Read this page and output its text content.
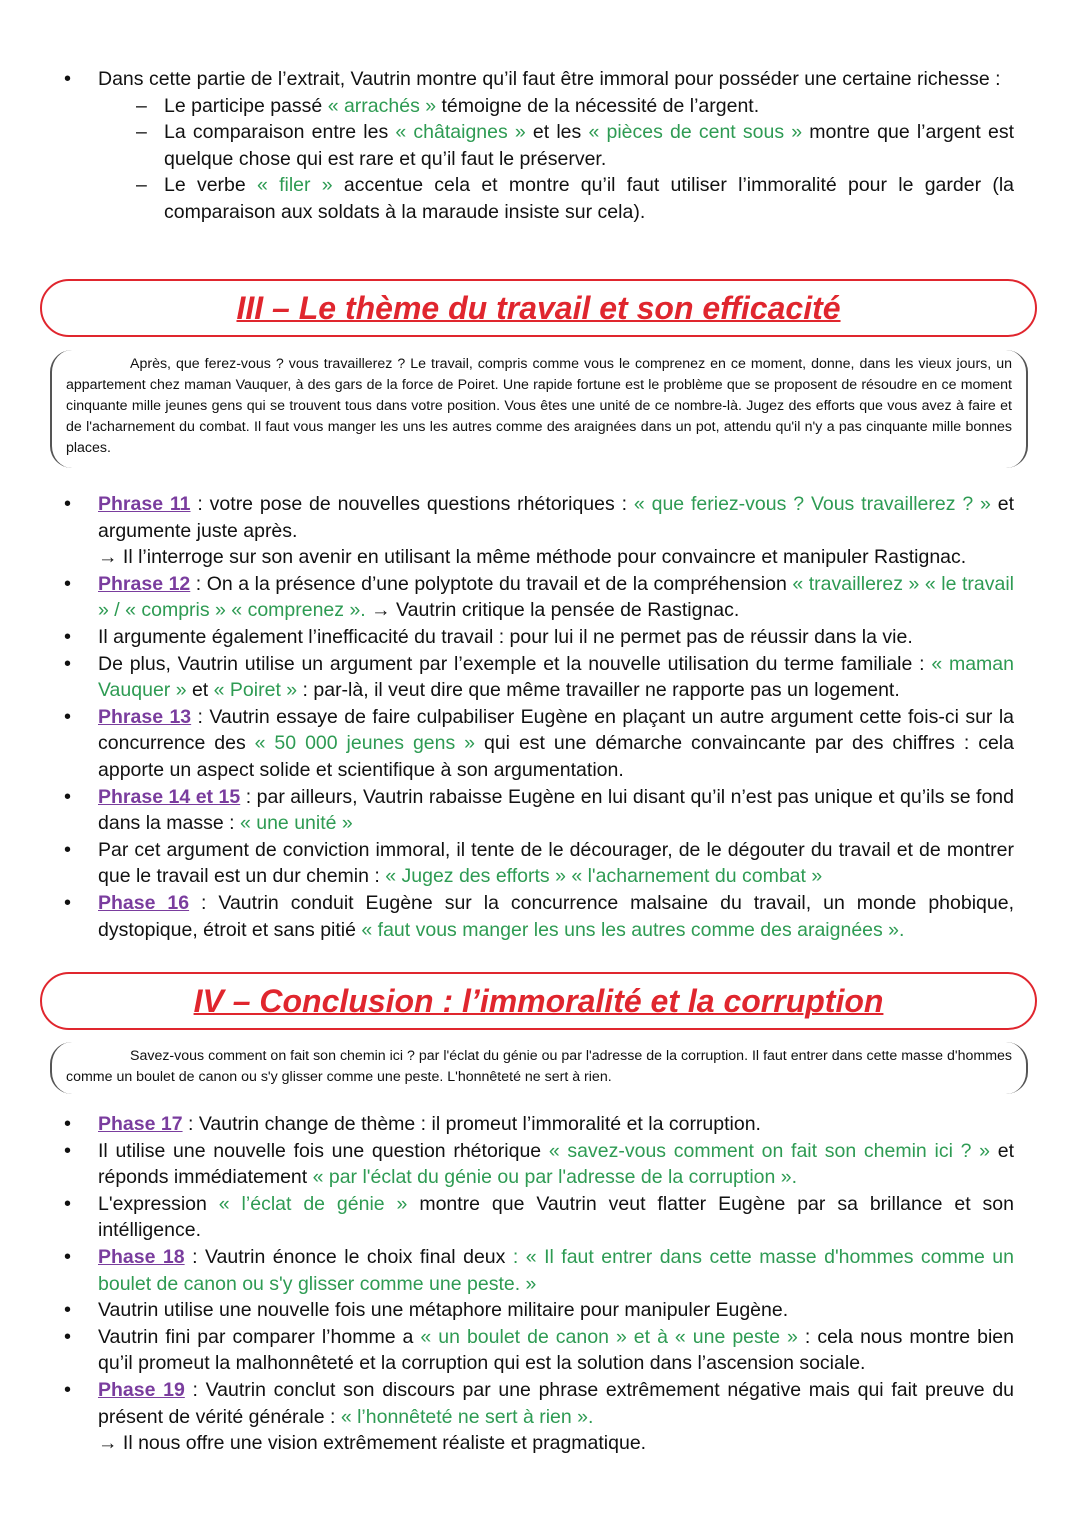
• Dans cette partie de l’extrait, Vautrin montre qu’il faut être immoral pour posséder une certaine richesse :
– Le participe passé « arrachés » témoigne de la nécessité de l’argent.
– La comparaison entre les « châtaignes » et les « pièces de cent sous » montre que l’argent est quelque chose qui est rare et qu’il faut le préserver.
– Le verbe « filer » accentue cela et montre qu’il faut utiliser l’immoralité pour le garder (la comparaison aux soldats à la maraude insiste sur cela).
III – Le thème du travail et son efficacité

Après, que ferez-vous ? vous travaillerez ? Le travail, compris comme vous le comprenez en ce moment, donne, dans les vieux jours, un appartement chez maman Vauquer, à des gars de la force de Poiret. Une rapide fortune est le problème que se proposent de résoudre en ce moment cinquante mille jeunes gens qui se trouvent tous dans votre position. Vous êtes une unité de ce nombre-là. Jugez des efforts que vous avez à faire et de l'acharnement du combat. Il faut vous manger les uns les autres comme des araignées dans un pot, attendu qu'il n'y a pas cinquante mille bonnes places.

• Phrase 11 : votre pose de nouvelles questions rhétoriques : « que feriez-vous ? Vous travaillerez ? » et argumente juste après.
→ Il l’interroge sur son avenir en utilisant la même méthode pour convaincre et manipuler Rastignac.
• Phrase 12 : On a la présence d’une polyptote du travail et de la compréhension « travaillerez » « le travail » / « compris » « comprenez ». → Vautrin critique la pensée de Rastignac.
• Il argumente également l’inefficacité du travail : pour lui il ne permet pas de réussir dans la vie.
• De plus, Vautrin utilise un argument par l’exemple et la nouvelle utilisation du terme familiale : « maman Vauquer » et « Poiret » : par-là, il veut dire que même travailler ne rapporte pas un logement.
• Phrase 13 : Vautrin essaye de faire culpabiliser Eugène en plaçant un autre argument cette fois-ci sur la concurrence des « 50 000 jeunes gens » qui est une démarche convaincante par des chiffres : cela apporte un aspect solide et scientifique à son argumentation.
• Phrase 14 et 15 : par ailleurs, Vautrin rabaisse Eugène en lui disant qu’il n’est pas unique et qu’ils se fond dans la masse : « une unité »
• Par cet argument de conviction immoral, il tente de le décourager, de le dégouter du travail et de montrer que le travail est un dur chemin : « Jugez des efforts » « l'acharnement du combat »
• Phase 16 : Vautrin conduit Eugène sur la concurrence malsaine du travail, un monde phobique, dystopique, étroit et sans pitié « faut vous manger les uns les autres comme des araignées ».
IV – Conclusion : l’immoralité et la corruption

Savez-vous comment on fait son chemin ici ? par l'éclat du génie ou par l'adresse de la corruption. Il faut entrer dans cette masse d'hommes comme un boulet de canon ou s'y glisser comme une peste. L'honnêteté ne sert à rien.

• Phase 17 : Vautrin change de thème : il promeut l’immoralité et la corruption.
• Il utilise une nouvelle fois une question rhétorique « savez-vous comment on fait son chemin ici ? » et réponds immédiatement « par l'éclat du génie ou par l'adresse de la corruption ».
• L'expression « l’éclat de génie » montre que Vautrin veut flatter Eugène par sa brillance et son intélligence.
• Phase 18 : Vautrin énonce le choix final deux : « Il faut entrer dans cette masse d'hommes comme un boulet de canon ou s'y glisser comme une peste. »
• Vautrin utilise une nouvelle fois une métaphore militaire pour manipuler Eugène.
• Vautrin fini par comparer l’homme a « un boulet de canon » et à « une peste » : cela nous montre bien qu’il promeut la malhonnêteté et la corruption qui est la solution dans l’ascension sociale.
• Phase 19 : Vautrin conclut son discours par une phrase extrêmement négative mais qui fait preuve du présent de vérité générale : « l’honnêteté ne sert à rien ».
→ Il nous offre une vision extrêmement réaliste et pragmatique.
